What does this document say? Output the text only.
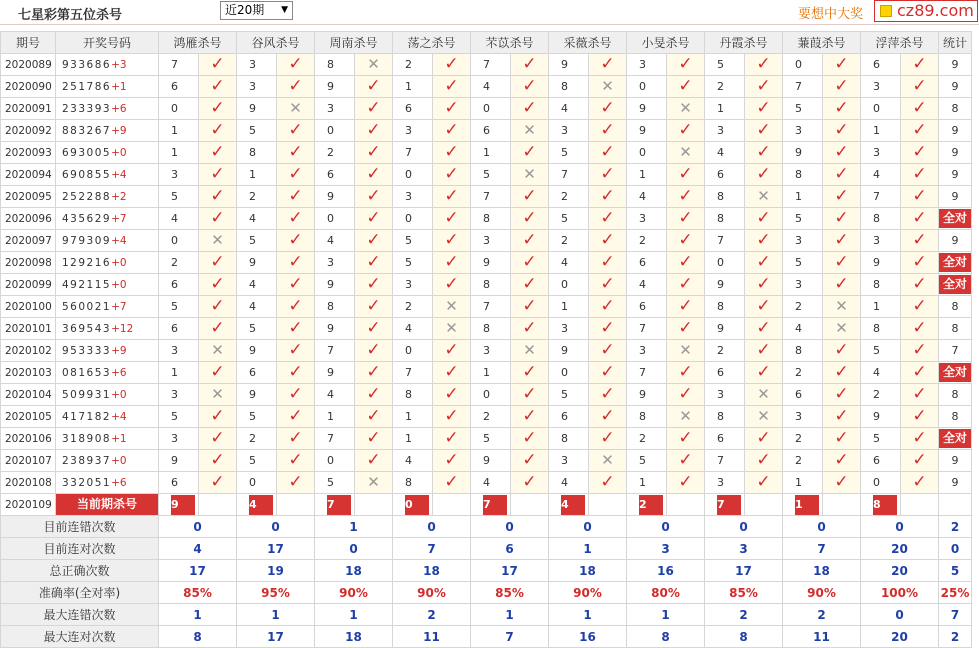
七星彩第五位杀号	近20期 ▼	要想中大奖	cz89.com
期号	开奖号码	鸿雁杀号		谷风杀号		周南杀号		荡之杀号		芣苡杀号		采薇杀号		小旻杀号		丹霞杀号		蒹葭杀号		浮萍杀号		统计
2020089	933686+3	7	✓	3	✓	8	✕	2	✓	7	✓	9	✓	3	✓	5	✓	0	✓	6	✓	9
2020090	251786+1	6	✓	3	✓	9	✓	1	✓	4	✓	8	✕	0	✓	2	✓	7	✓	3	✓	9
2020091	233393+6	0	✓	9	✕	3	✓	6	✓	0	✓	4	✓	9	✕	1	✓	5	✓	0	✓	8
2020092	883267+9	1	✓	5	✓	0	✓	3	✓	6	✕	3	✓	9	✓	3	✓	3	✓	1	✓	9
2020093	693005+0	1	✓	8	✓	2	✓	7	✓	1	✓	5	✓	0	✕	4	✓	9	✓	3	✓	9
2020094	690855+4	3	✓	1	✓	6	✓	0	✓	5	✕	7	✓	1	✓	6	✓	8	✓	4	✓	9
2020095	252288+2	5	✓	2	✓	9	✓	3	✓	7	✓	2	✓	4	✓	8	✕	1	✓	7	✓	9
2020096	435629+7	4	✓	4	✓	0	✓	0	✓	8	✓	5	✓	3	✓	8	✓	5	✓	8	✓	全对
2020097	979309+4	0	✕	5	✓	4	✓	5	✓	3	✓	2	✓	2	✓	7	✓	3	✓	3	✓	9
2020098	129216+0	2	✓	9	✓	3	✓	5	✓	9	✓	4	✓	6	✓	0	✓	5	✓	9	✓	全对
2020099	492115+0	6	✓	4	✓	9	✓	3	✓	8	✓	0	✓	4	✓	9	✓	3	✓	8	✓	全对
2020100	560021+7	5	✓	4	✓	8	✓	2	✕	7	✓	1	✓	6	✓	8	✓	2	✕	1	✓	8
2020101	369543+12	6	✓	5	✓	9	✓	4	✕	8	✓	3	✓	7	✓	9	✓	4	✕	8	✓	8
2020102	953333+9	3	✕	9	✓	7	✓	0	✓	3	✕	9	✓	3	✕	2	✓	8	✓	5	✓	7
2020103	081653+6	1	✓	6	✓	9	✓	7	✓	1	✓	0	✓	7	✓	6	✓	2	✓	4	✓	全对
2020104	509931+0	3	✕	9	✓	4	✓	8	✓	0	✓	5	✓	9	✓	3	✕	6	✓	2	✓	8
2020105	417182+4	5	✓	5	✓	1	✓	1	✓	2	✓	6	✓	8	✕	8	✕	3	✓	9	✓	8
2020106	318908+1	3	✓	2	✓	7	✓	1	✓	5	✓	8	✓	2	✓	6	✓	2	✓	5	✓	全对
2020107	238937+0	9	✓	5	✓	0	✓	4	✓	9	✓	3	✕	5	✓	7	✓	2	✓	6	✓	9
2020108	332051+6	6	✓	0	✓	5	✕	8	✓	4	✓	4	✓	1	✓	3	✓	1	✓	0	✓	9
2020109	当前期杀号	9		4		7		0		7		4		2		7		1		8		
目前连错次数		0		0		1		0		0		0		0		0		0		0		2
目前连对次数		4		17		0		7		6		1		3		3		7		20		0
总正确次数		17		19		18		18		17		18		16		17		18		20		5
准确率(全对率)		85%		95%		90%		90%		85%		90%		80%		85%		90%		100%		25%
最大连错次数		1		1		1		2		1		1		1		2		2		0		7
最大连对次数		8		17		18		11		7		16		8		8		11		20		2
